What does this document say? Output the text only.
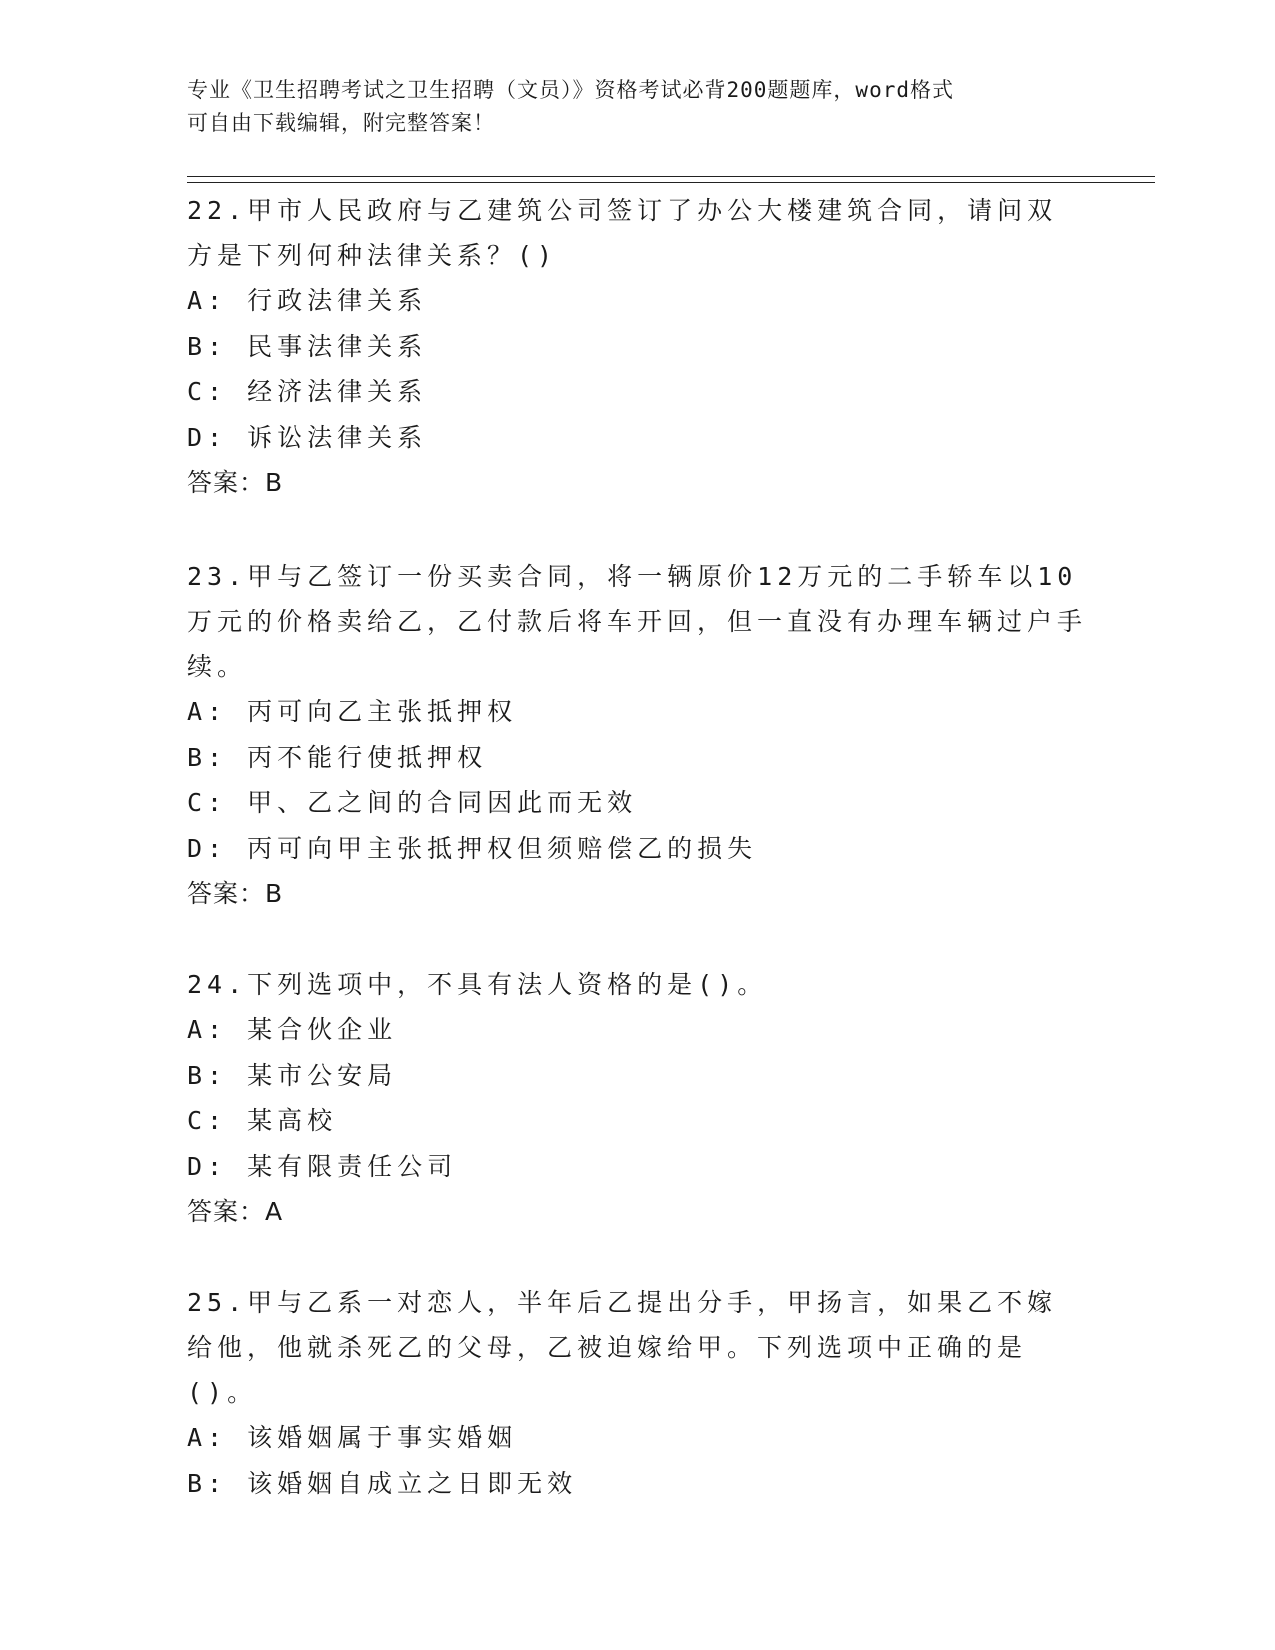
专业《卫生招聘考试之卫生招聘（文员）》资格考试必背200题题库，word格式
可自由下载编辑，附完整答案！
22.甲市人民政府与乙建筑公司签订了办公大楼建筑合同，请问双方是下列何种法律关系？()
A: 行政法律关系
B: 民事法律关系
C: 经济法律关系
D: 诉讼法律关系
答案：B
23.甲与乙签订一份买卖合同，将一辆原价12万元的二手轿车以10万元的价格卖给乙，乙付款后将车开回，但一直没有办理车辆过户手续。
A: 丙可向乙主张抵押权
B: 丙不能行使抵押权
C: 甲、乙之间的合同因此而无效
D: 丙可向甲主张抵押权但须赔偿乙的损失
答案：B
24.下列选项中，不具有法人资格的是()。
A: 某合伙企业
B: 某市公安局
C: 某高校
D: 某有限责任公司
答案：A
25.甲与乙系一对恋人，半年后乙提出分手，甲扬言，如果乙不嫁给他，他就杀死乙的父母，乙被迫嫁给甲。下列选项中正确的是()。
A: 该婚姻属于事实婚姻
B: 该婚姻自成立之日即无效
